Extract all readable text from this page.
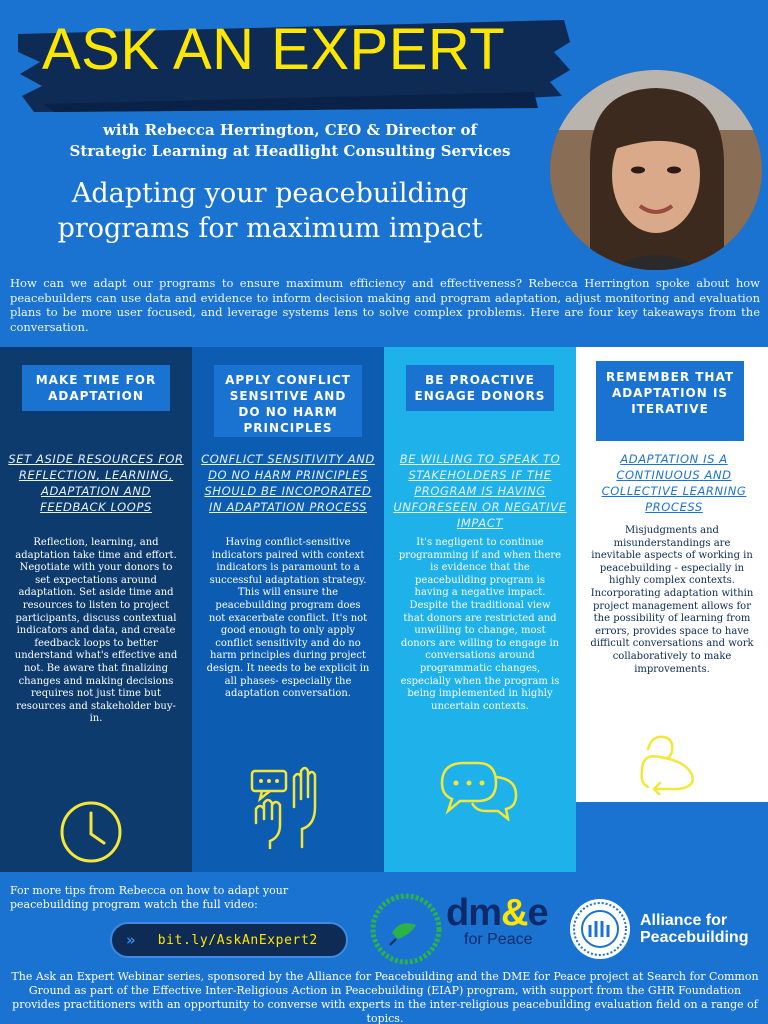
ASK AN EXPERT
with Rebecca Herrington, CEO & Director of
Strategic Learning at Headlight Consulting Services
Adapting your peacebuilding
programs for maximum impact

How can we adapt our programs to ensure maximum efficiency and effectiveness? Rebecca Herrington spoke about how peacebuilders can use data and evidence to inform decision making and program adaptation, adjust monitoring and evaluation plans to be more user focused, and leverage systems lens to solve complex problems. Here are four key takeaways from the conversation.

MAKE TIME FOR ADAPTATION
SET ASIDE RESOURCES FOR REFLECTION, LEARNING, ADAPTATION AND FEEDBACK LOOPS

Reflection, learning, and adaptation take time and effort. Negotiate with your donors to set expectations around adaptation. Set aside time and resources to listen to project participants, discuss contextual indicators and data, and create feedback loops to better understand what's effective and not. Be aware that finalizing changes and making decisions requires not just time but resources and stakeholder buy-in.

APPLY CONFLICT SENSITIVE AND DO NO HARM PRINCIPLES
CONFLICT SENSITIVITY AND DO NO HARM PRINCIPLES SHOULD BE INCOPORATED IN ADAPTATION PROCESS

Having conflict-sensitive indicators paired with context indicators is paramount to a successful adaptation strategy. This will ensure the peacebuilding program does not exacerbate conflict. It's not good enough to only apply conflict sensitivity and do no harm principles during project design. It needs to be explicit in all phases- especially the adaptation conversation.

BE PROACTIVE ENGAGE DONORS
BE WILLING TO SPEAK TO STAKEHOLDERS IF THE PROGRAM IS HAVING UNFORESEEN OR NEGATIVE IMPACT

It's negligent to continue programming if and when there is evidence that the peacebuilding program is having a negative impact. Despite the traditional view that donors are restricted and unwilling to change, most donors are willing to engage in conversations around programmatic changes, especially when the program is being implemented in highly uncertain contexts.

REMEMBER THAT ADAPTATION IS ITERATIVE
ADAPTATION IS A CONTINUOUS AND COLLECTIVE LEARNING PROCESS

Misjudgments and misunderstandings are inevitable aspects of working in peacebuilding - especially in highly complex contexts. Incorporating adaptation within project management allows for the possibility of learning from errors, provides space to have difficult conversations and work collaboratively to make improvements.

For more tips from Rebecca on how to adapt your peacebuilding program watch the full video:

» bit.ly/AskAnExpert2
dm&e
for Peace
Alliance for
Peacebuilding

The Ask an Expert Webinar series, sponsored by the Alliance for Peacebuilding and the DME for Peace project at Search for Common Ground as part of the Effective Inter-Religious Action in Peacebuilding (EIAP) program, with support from the GHR Foundation provides practitioners with an opportunity to converse with experts in the inter-religious peacebuilding evaluation field on a range of topics.
